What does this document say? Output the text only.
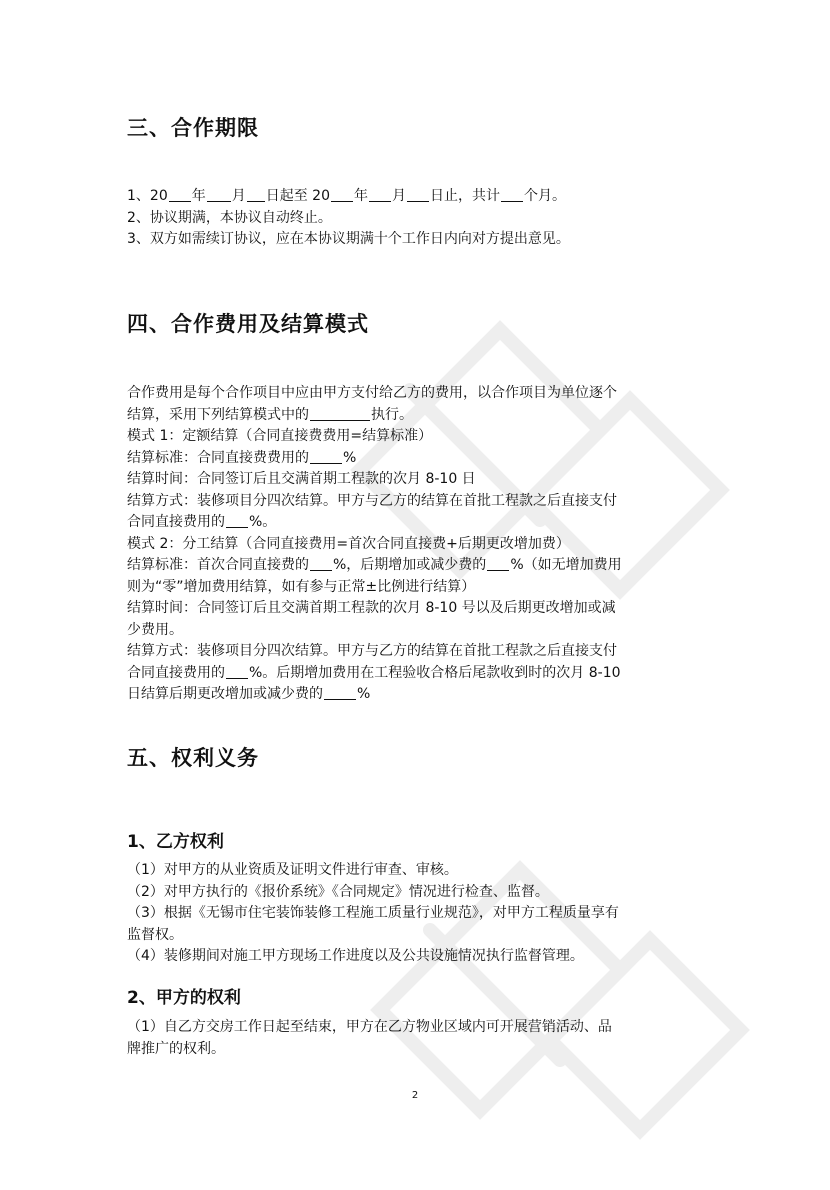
三、合作期限
1、20 年 月 日起至 20 年 月 日止，共计 个月。
2、协议期满，本协议自动终止。
3、双方如需续订协议，应在本协议期满十个工作日内向对方提出意见。
四、合作费用及结算模式
合作费用是每个合作项目中应由甲方支付给乙方的费用，以合作项目为单位逐个
结算，采用下列结算模式中的	执行。
模式 1：定额结算（合同直接费费用=结算标准）
结算标准：合同直接费费用的 %
结算时间：合同签订后且交满首期工程款的次月 8-10 日
结算方式：装修项目分四次结算。甲方与乙方的结算在首批工程款之后直接支付
合同直接费用的 %。
模式 2：分工结算（合同直接费用=首次合同直接费+后期更改增加费）
结算标准：首次合同直接费的 %，后期增加或减少费的 %（如无增加费用
则为“零”增加费用结算，如有参与正常±比例进行结算）
结算时间：合同签订后且交满首期工程款的次月 8-10 号以及后期更改增加或减
少费用。
结算方式：装修项目分四次结算。甲方与乙方的结算在首批工程款之后直接支付
合同直接费用的 %。后期增加费用在工程验收合格后尾款收到时的次月 8-10
日结算后期更改增加或减少费的 %
五、权利义务
1、乙方权利
（1）对甲方的从业资质及证明文件进行审查、审核。
（2）对甲方执行的《报价系统》《合同规定》情况进行检查、监督。
（3）根据《无锡市住宅装饰装修工程施工质量行业规范》，对甲方工程质量享有
监督权。
（4）装修期间对施工甲方现场工作进度以及公共设施情况执行监督管理。
2、甲方的权利
（1）自乙方交房工作日起至结束，甲方在乙方物业区域内可开展营销活动、品
牌推广的权利。
2
